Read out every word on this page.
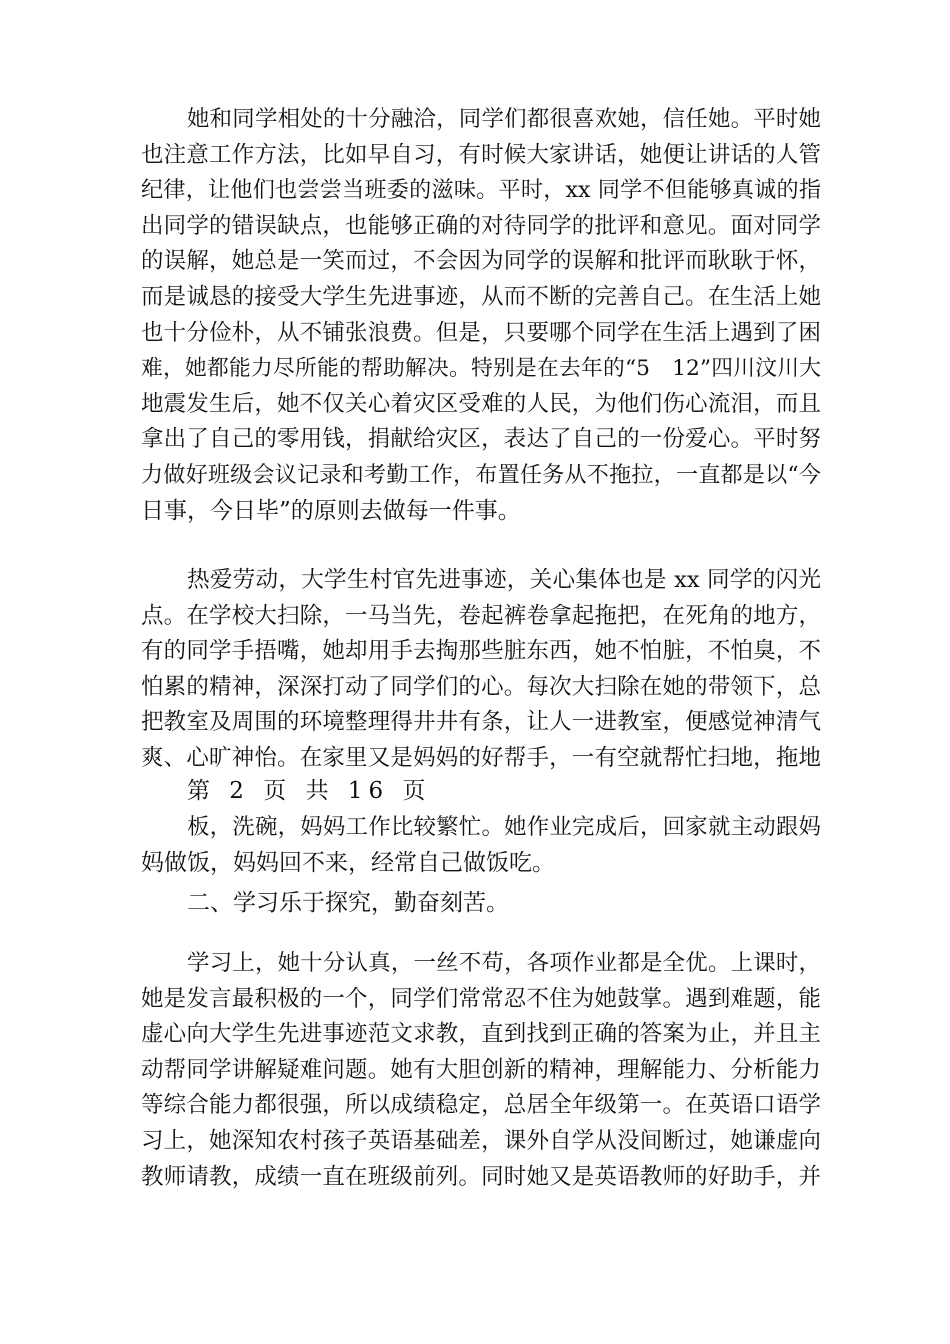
她和同学相处的十分融洽，同学们都很喜欢她，信任她。平时她
也注意工作方法，比如早自习，有时候大家讲话，她便让讲话的人管
纪律，让他们也尝尝当班委的滋味。平时，xx 同学不但能够真诚的指
出同学的错误缺点，也能够正确的对待同学的批评和意见。面对同学
的误解，她总是一笑而过，不会因为同学的误解和批评而耿耿于怀，
而是诚恳的接受大学生先进事迹，从而不断的完善自己。在生活上她
也十分俭朴，从不铺张浪费。但是，只要哪个同学在生活上遇到了困
难，她都能力尽所能的帮助解决。特别是在去年的“5　12”四川汶川大
地震发生后，她不仅关心着灾区受难的人民，为他们伤心流泪，而且
拿出了自己的零用钱，捐献给灾区，表达了自己的一份爱心。平时努
力做好班级会议记录和考勤工作，布置任务从不拖拉，一直都是以“今
日事，今日毕”的原则去做每一件事。
热爱劳动，大学生村官先进事迹，关心集体也是 xx 同学的闪光
点。在学校大扫除，一马当先，卷起裤卷拿起拖把，在死角的地方，
有的同学手捂嘴，她却用手去掏那些脏东西，她不怕脏，不怕臭，不
怕累的精神，深深打动了同学们的心。每次大扫除在她的带领下，总
把教室及周围的环境整理得井井有条，让人一进教室，便感觉神清气
爽、心旷神怡。在家里又是妈妈的好帮手，一有空就帮忙扫地，拖地
第 2 页 共 16 页
板，洗碗，妈妈工作比较繁忙。她作业完成后，回家就主动跟妈
妈做饭，妈妈回不来，经常自己做饭吃。
二、学习乐于探究，勤奋刻苦。
学习上，她十分认真，一丝不苟，各项作业都是全优。上课时，
她是发言最积极的一个，同学们常常忍不住为她鼓掌。遇到难题，能
虚心向大学生先进事迹范文求教，直到找到正确的答案为止，并且主
动帮同学讲解疑难问题。她有大胆创新的精神，理解能力、分析能力
等综合能力都很强，所以成绩稳定，总居全年级第一。在英语口语学
习上，她深知农村孩子英语基础差，课外自学从没间断过，她谦虚向
教师请教，成绩一直在班级前列。同时她又是英语教师的好助手，并
